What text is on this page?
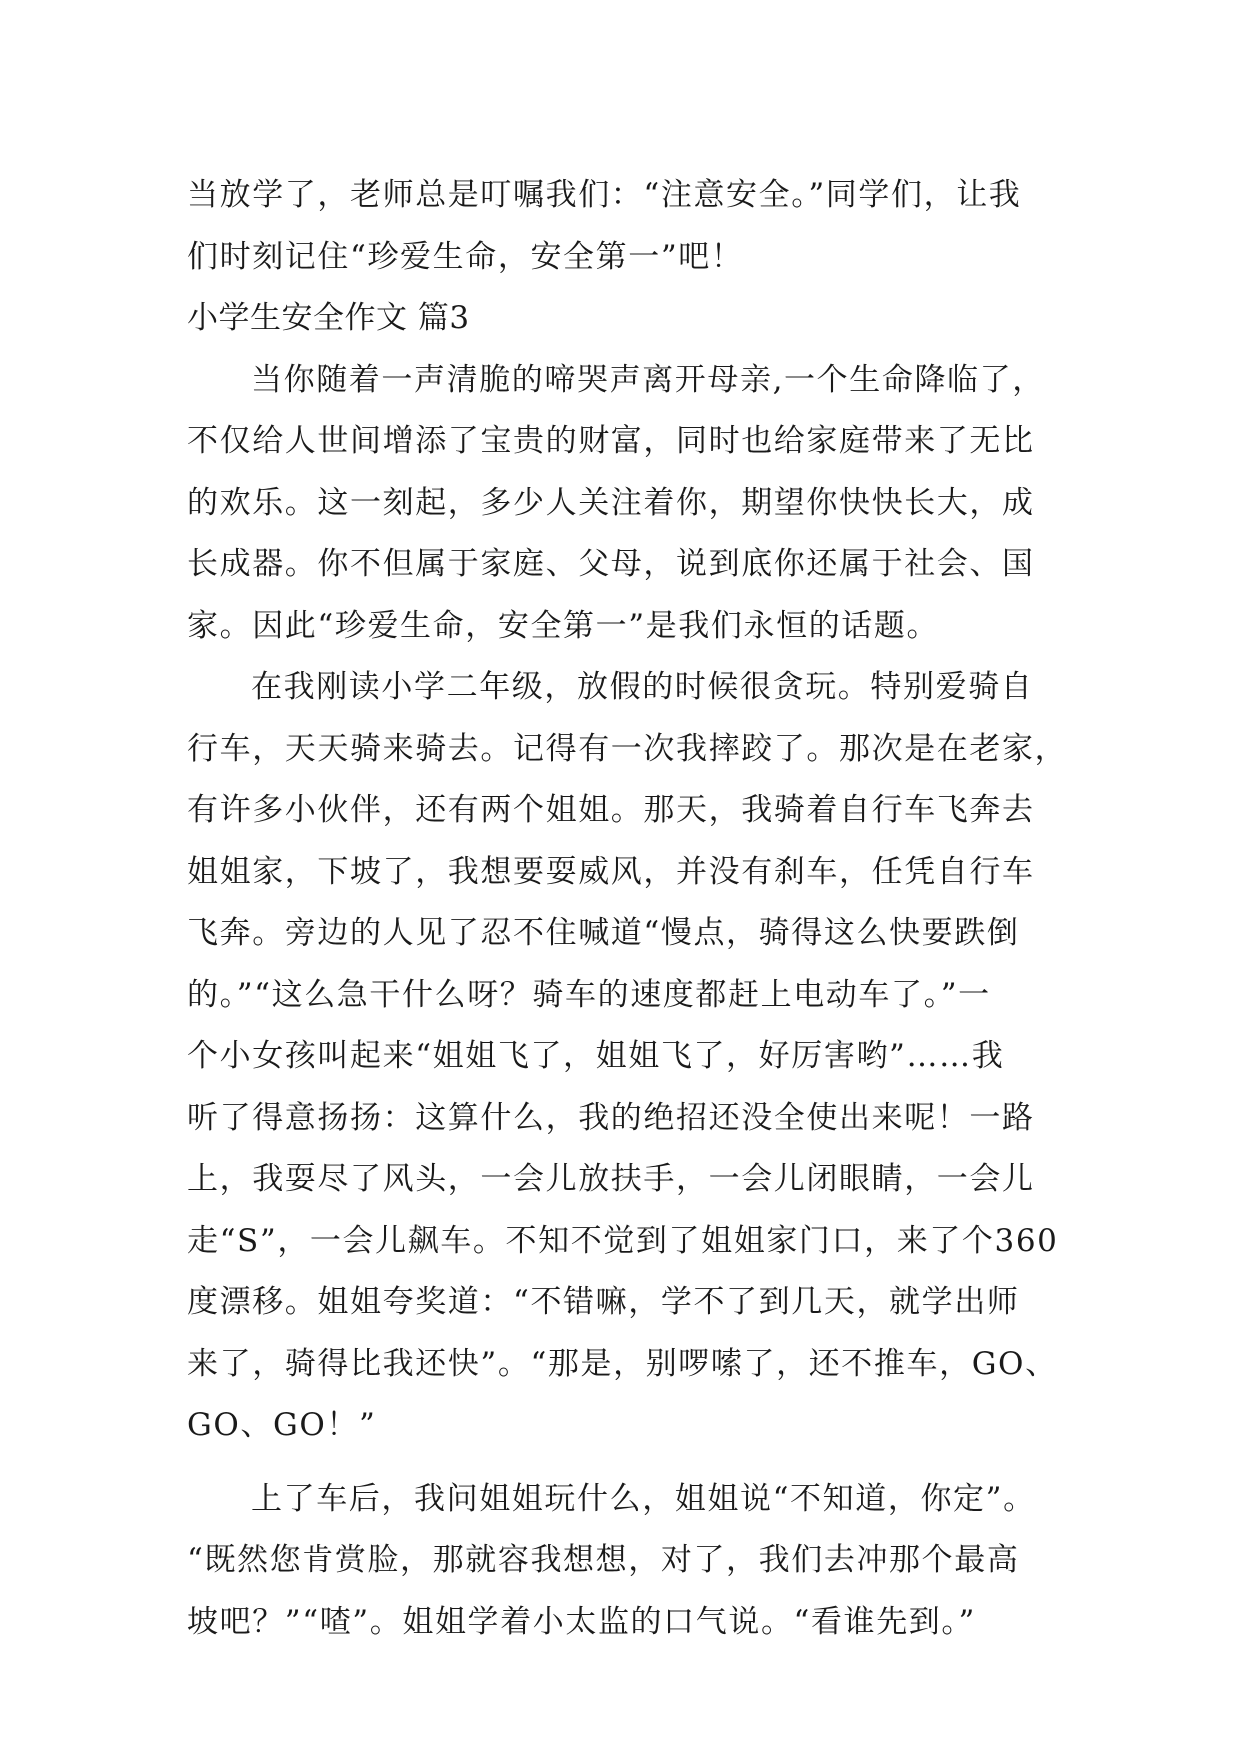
当放学了，老师总是叮嘱我们：“注意安全。”同学们，让我
们时刻记住“珍爱生命，安全第一”吧！
小学生安全作文 篇3
当你随着一声清脆的啼哭声离开母亲,一个生命降临了，
不仅给人世间增添了宝贵的财富，同时也给家庭带来了无比
的欢乐。这一刻起，多少人关注着你，期望你快快长大，成
长成器。你不但属于家庭、父母，说到底你还属于社会、国
家。因此“珍爱生命，安全第一”是我们永恒的话题。
在我刚读小学二年级，放假的时候很贪玩。特别爱骑自
行车，天天骑来骑去。记得有一次我摔跤了。那次是在老家，
有许多小伙伴，还有两个姐姐。那天，我骑着自行车飞奔去
姐姐家，下坡了，我想要耍威风，并没有刹车，任凭自行车
飞奔。旁边的人见了忍不住喊道“慢点，骑得这么快要跌倒
的。”“这么急干什么呀？骑车的速度都赶上电动车了。”一
个小女孩叫起来“姐姐飞了，姐姐飞了，好厉害哟”……我
听了得意扬扬：这算什么，我的绝招还没全使出来呢！一路
上，我耍尽了风头，一会儿放扶手，一会儿闭眼睛，一会儿
走“S”，一会儿飙车。不知不觉到了姐姐家门口，来了个360
度漂移。姐姐夸奖道：“不错嘛，学不了到几天，就学出师
来了，骑得比我还快”。“那是，别啰嗦了，还不推车，GO、
GO、GO！”
上了车后，我问姐姐玩什么，姐姐说“不知道，你定”。
“既然您肯赏脸，那就容我想想，对了，我们去冲那个最高
坡吧？”“喳”。姐姐学着小太监的口气说。“看谁先到。”
